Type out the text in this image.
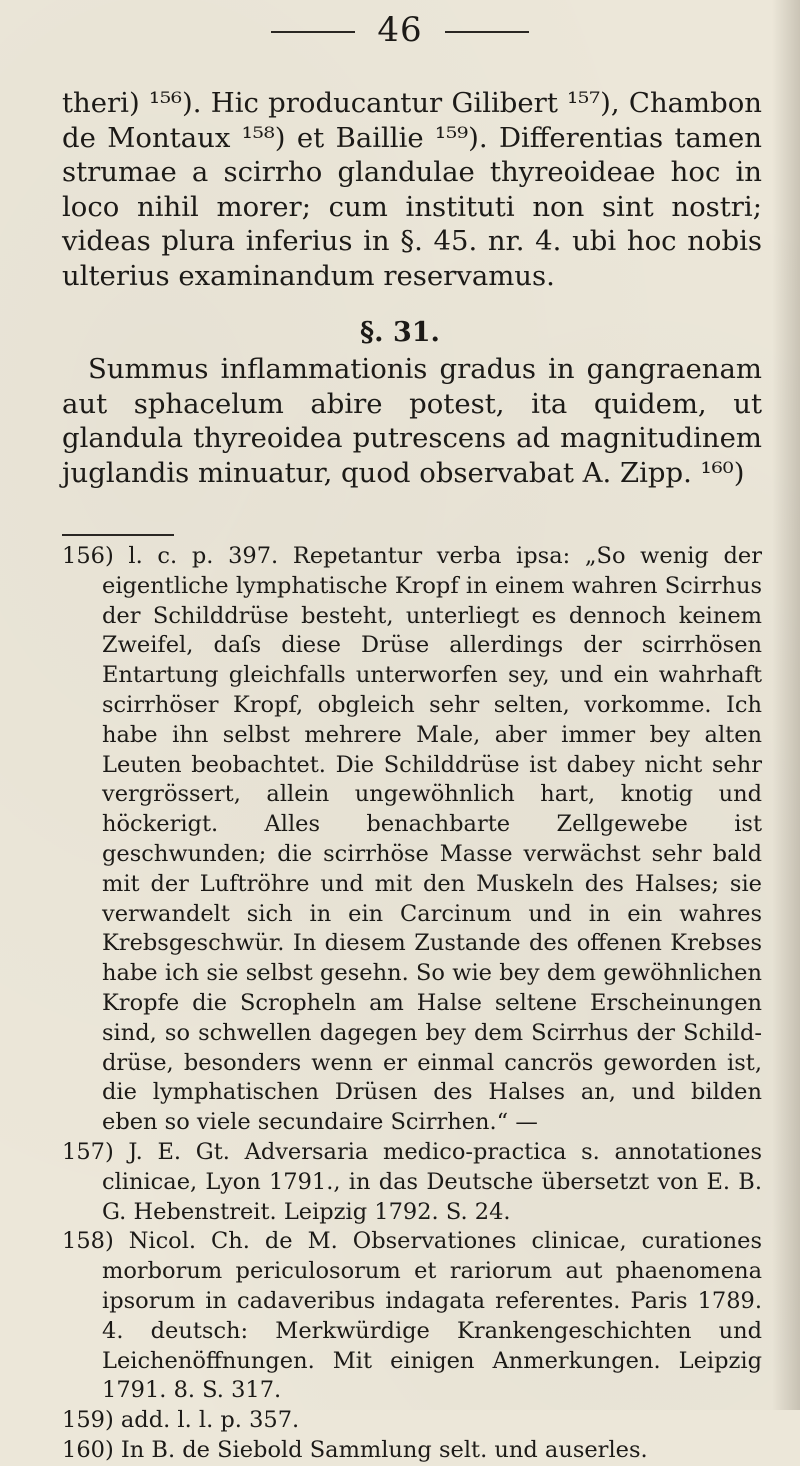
46

theri) ¹⁵⁶). Hic producantur Gilibert ¹⁵⁷), Chambon de Montaux ¹⁵⁸) et Baillie ¹⁵⁹). Differentias tamen strumae a scirrho glandulae thyreoideae hoc in loco nihil morer; cum instituti non sint nostri; videas plura inferius in §. 45. nr. 4. ubi hoc nobis ulterius examinandum reservamus.

§. 31.

Summus inflammationis gradus in gangraenam aut sphacelum abire potest, ita quidem, ut glandula thyreoidea putrescens ad magnitudinem juglandis minuatur, quod observabat A. Zipp. ¹⁶⁰)

156) l. c. p. 397. Repetantur verba ipsa: „So wenig der eigentliche lymphatische Kropf in einem wahren Scirrhus der Schilddrüse besteht, unterliegt es dennoch keinem Zweifel, daſs diese Drüse allerdings der scirrhösen Entartung gleichfalls unterworfen sey, und ein wahrhaft scirrhöser Kropf, obgleich sehr selten, vorkomme. Ich habe ihn selbst mehrere Male, aber immer bey alten Leuten beobachtet. Die Schilddrüse ist dabey nicht sehr vergrössert, allein ungewöhnlich hart, knotig und höckerigt. Alles benachbarte Zellgewebe ist geschwunden; die scirrhöse Masse verwächst sehr bald mit der Luftröhre und mit den Muskeln des Halses; sie verwandelt sich in ein Carcinum und in ein wahres Krebsgeschwür. In diesem Zustande des offenen Krebses habe ich sie selbst gesehn. So wie bey dem gewöhnlichen Kropfe die Scropheln am Halse seltene Erscheinungen sind, so schwellen dagegen bey dem Scirrhus der Schilddrüse, besonders wenn er einmal cancrös geworden ist, die lymphatischen Drüsen des Halses an, und bilden eben so viele secundaire Scirrhen.“ —

157) J. E. Gt. Adversaria medico-practica s. annotationes clinicae, Lyon 1791., in das Deutsche übersetzt von E. B. G. Hebenstreit. Leipzig 1792. S. 24.

158) Nicol. Ch. de M. Observationes clinicae, curationes morborum periculosorum et rariorum aut phaenomena ipsorum in cadaveribus indagata referentes. Paris 1789. 4. deutsch: Merkwürdige Krankengeschichten und Leichenöffnungen. Mit einigen Anmerkungen. Leipzig 1791. 8. S. 317.

159) add. l. l. p. 357.

160) In B. de Siebold Sammlung selt. und auserles.
